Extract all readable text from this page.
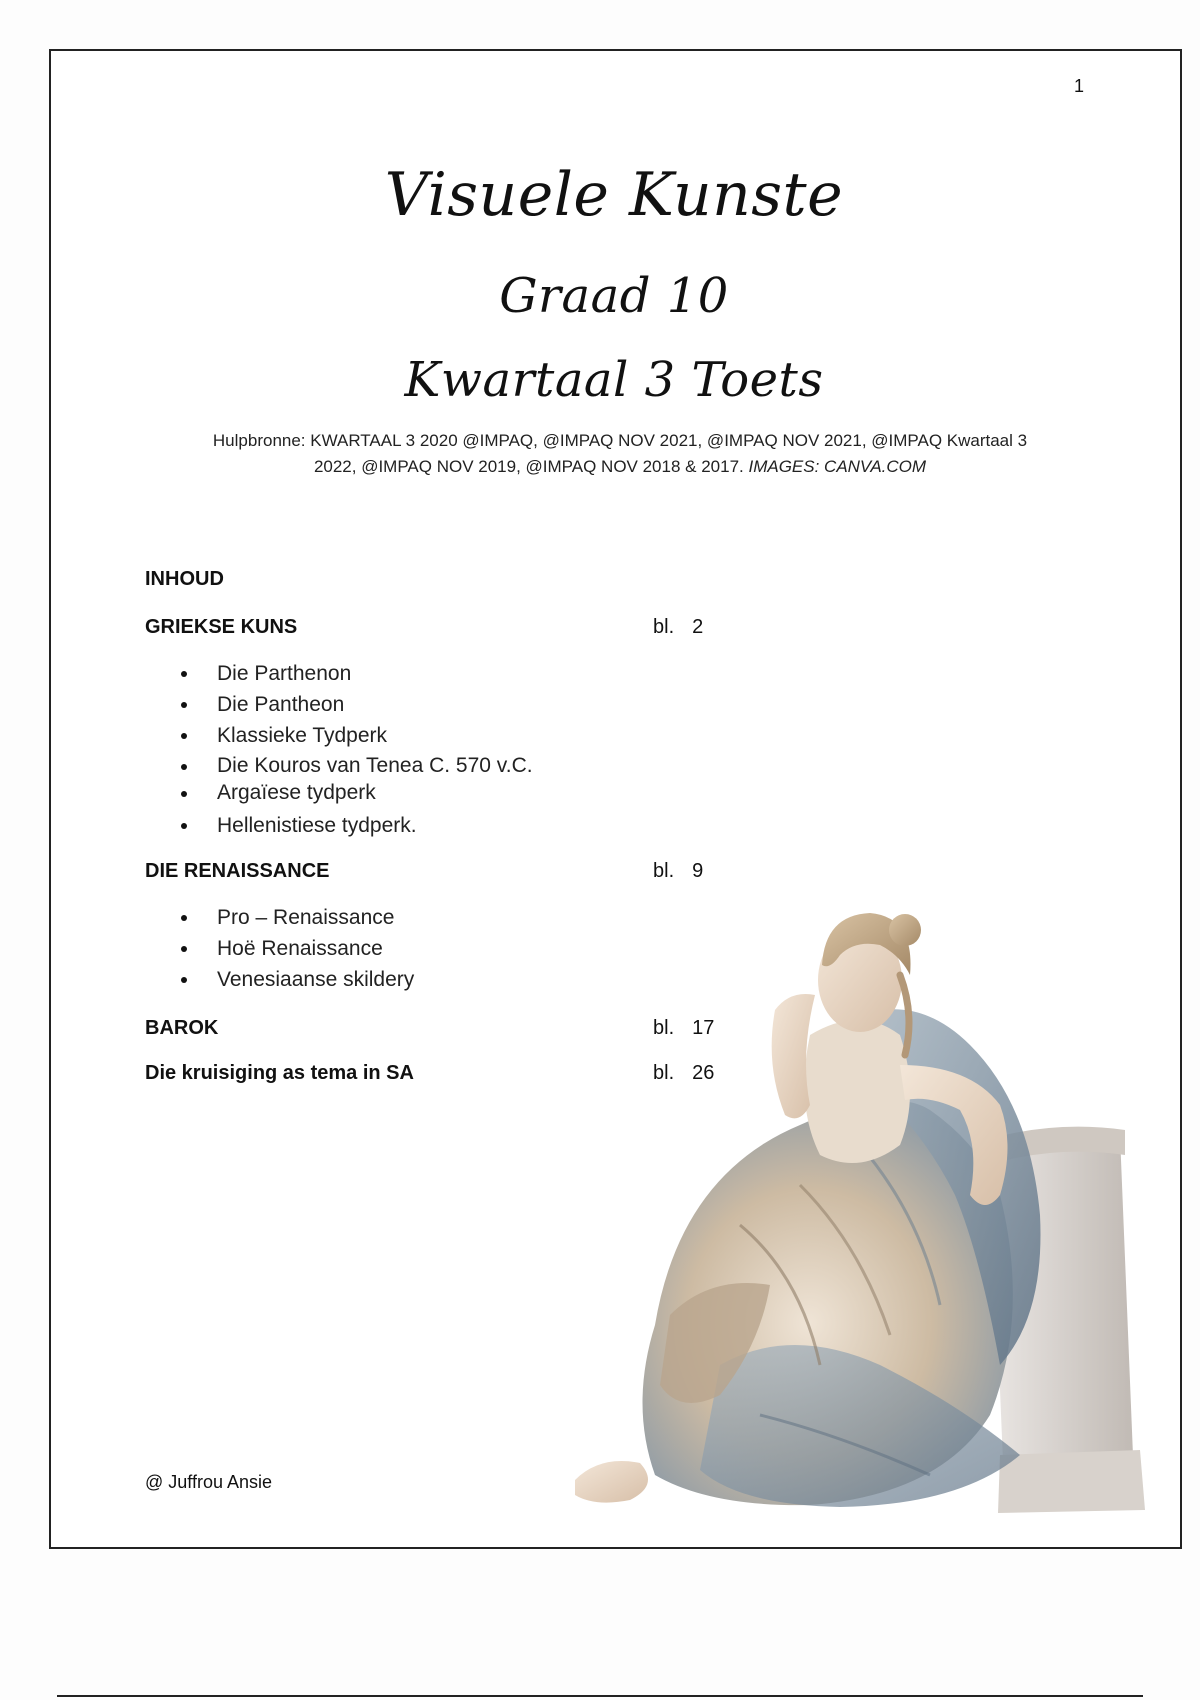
1
Visuele Kunste
Graad 10
Kwartaal 3 Toets
Hulpbronne: KWARTAAL 3 2020 @IMPAQ, @IMPAQ NOV 2021, @IMPAQ NOV 2021, @IMPAQ Kwartaal 3
2022, @IMPAQ NOV 2019, @IMPAQ NOV 2018 & 2017. IMAGES: CANVA.COM
INHOUD
GRIEKSE KUNS	bl. 2
Die Parthenon
Die Pantheon
Klassieke Tydperk
Die Kouros van Tenea C. 570 v.C.
Argaïese tydperk
Hellenistiese tydperk.
DIE RENAISSANCE	bl. 9
Pro – Renaissance
Hoë Renaissance
Venesiaanse skildery
BAROK	bl. 17
Die kruisiging as tema in SA	bl. 26
@ Juffrou Ansie
